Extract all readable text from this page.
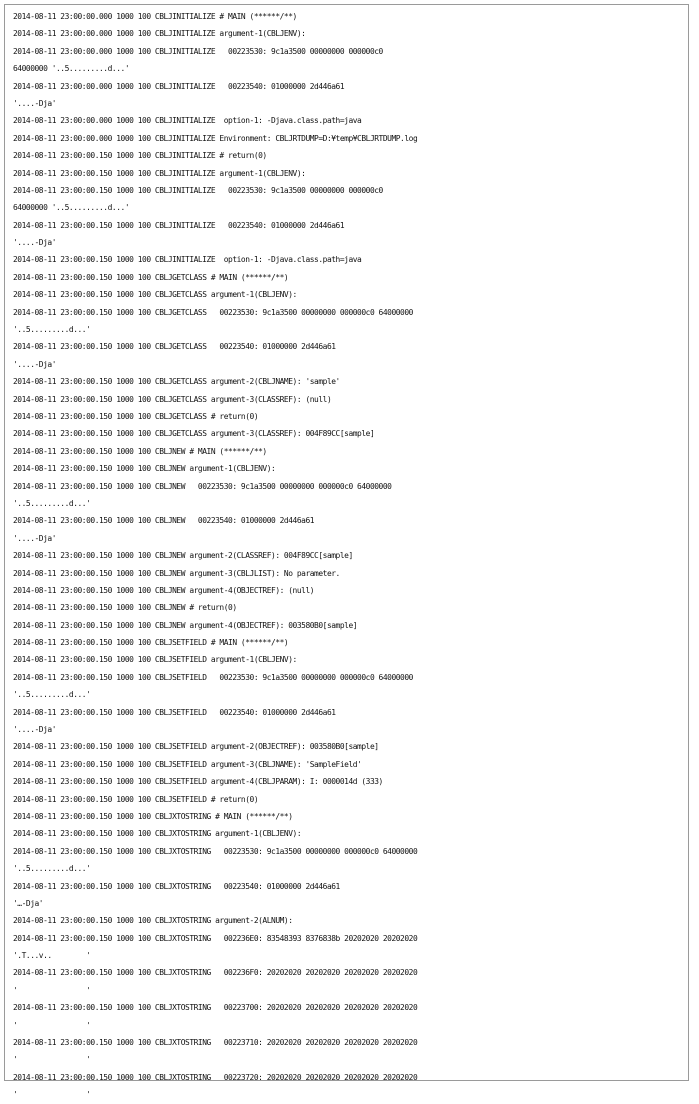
2014-08-11 23:00:00.000 1000 100 CBLJINITIALIZE # MAIN (******/**)
2014-08-11 23:00:00.000 1000 100 CBLJINITIALIZE argument-1(CBLJENV):
2014-08-11 23:00:00.000 1000 100 CBLJINITIALIZE   00223530: 9c1a3500 00000000 000000c0
64000000 '..5.........d...'
2014-08-11 23:00:00.000 1000 100 CBLJINITIALIZE   00223540: 01000000 2d446a61
'....-Dja'
2014-08-11 23:00:00.000 1000 100 CBLJINITIALIZE  option-1: -Djava.class.path=java
2014-08-11 23:00:00.000 1000 100 CBLJINITIALIZE Environment: CBLJRTDUMP=D:¥temp¥CBLJRTDUMP.log
2014-08-11 23:00:00.150 1000 100 CBLJINITIALIZE # return(0)
2014-08-11 23:00:00.150 1000 100 CBLJINITIALIZE argument-1(CBLJENV):
2014-08-11 23:00:00.150 1000 100 CBLJINITIALIZE   00223530: 9c1a3500 00000000 000000c0
64000000 '..5.........d...'
2014-08-11 23:00:00.150 1000 100 CBLJINITIALIZE   00223540: 01000000 2d446a61
'....-Dja'
2014-08-11 23:00:00.150 1000 100 CBLJINITIALIZE  option-1: -Djava.class.path=java
2014-08-11 23:00:00.150 1000 100 CBLJGETCLASS # MAIN (******/**)
2014-08-11 23:00:00.150 1000 100 CBLJGETCLASS argument-1(CBLJENV):
2014-08-11 23:00:00.150 1000 100 CBLJGETCLASS   00223530: 9c1a3500 00000000 000000c0 64000000
'..5.........d...'
2014-08-11 23:00:00.150 1000 100 CBLJGETCLASS   00223540: 01000000 2d446a61
'....-Dja'
2014-08-11 23:00:00.150 1000 100 CBLJGETCLASS argument-2(CBLJNAME): 'sample'
2014-08-11 23:00:00.150 1000 100 CBLJGETCLASS argument-3(CLASSREF): (null)
2014-08-11 23:00:00.150 1000 100 CBLJGETCLASS # return(0)
2014-08-11 23:00:00.150 1000 100 CBLJGETCLASS argument-3(CLASSREF): 004F89CC[sample]
2014-08-11 23:00:00.150 1000 100 CBLJNEW # MAIN (******/**)
2014-08-11 23:00:00.150 1000 100 CBLJNEW argument-1(CBLJENV):
2014-08-11 23:00:00.150 1000 100 CBLJNEW   00223530: 9c1a3500 00000000 000000c0 64000000
'..5.........d...'
2014-08-11 23:00:00.150 1000 100 CBLJNEW   00223540: 01000000 2d446a61
'....-Dja'
2014-08-11 23:00:00.150 1000 100 CBLJNEW argument-2(CLASSREF): 004F89CC[sample]
2014-08-11 23:00:00.150 1000 100 CBLJNEW argument-3(CBLJLIST): No parameter.
2014-08-11 23:00:00.150 1000 100 CBLJNEW argument-4(OBJECTREF): (null)
2014-08-11 23:00:00.150 1000 100 CBLJNEW # return(0)
2014-08-11 23:00:00.150 1000 100 CBLJNEW argument-4(OBJECTREF): 003580B0[sample]
2014-08-11 23:00:00.150 1000 100 CBLJSETFIELD # MAIN (******/**)
2014-08-11 23:00:00.150 1000 100 CBLJSETFIELD argument-1(CBLJENV):
2014-08-11 23:00:00.150 1000 100 CBLJSETFIELD   00223530: 9c1a3500 00000000 000000c0 64000000
'..5.........d...'
2014-08-11 23:00:00.150 1000 100 CBLJSETFIELD   00223540: 01000000 2d446a61
'....-Dja'
2014-08-11 23:00:00.150 1000 100 CBLJSETFIELD argument-2(OBJECTREF): 003580B0[sample]
2014-08-11 23:00:00.150 1000 100 CBLJSETFIELD argument-3(CBLJNAME): 'SampleField'
2014-08-11 23:00:00.150 1000 100 CBLJSETFIELD argument-4(CBLJPARAM): I: 0000014d (333)
2014-08-11 23:00:00.150 1000 100 CBLJSETFIELD # return(0)
2014-08-11 23:00:00.150 1000 100 CBLJXTOSTRING # MAIN (******/**)
2014-08-11 23:00:00.150 1000 100 CBLJXTOSTRING argument-1(CBLJENV):
2014-08-11 23:00:00.150 1000 100 CBLJXTOSTRING   00223530: 9c1a3500 00000000 000000c0 64000000
'..5.........d...'
2014-08-11 23:00:00.150 1000 100 CBLJXTOSTRING   00223540: 01000000 2d446a61
'…-Dja'
2014-08-11 23:00:00.150 1000 100 CBLJXTOSTRING argument-2(ALNUM):
2014-08-11 23:00:00.150 1000 100 CBLJXTOSTRING   002236E0: 83548393 8376838b 20202020 20202020
'.T...v..        '
2014-08-11 23:00:00.150 1000 100 CBLJXTOSTRING   002236F0: 20202020 20202020 20202020 20202020
'                '
2014-08-11 23:00:00.150 1000 100 CBLJXTOSTRING   00223700: 20202020 20202020 20202020 20202020
'                '
2014-08-11 23:00:00.150 1000 100 CBLJXTOSTRING   00223710: 20202020 20202020 20202020 20202020
'                '
2014-08-11 23:00:00.150 1000 100 CBLJXTOSTRING   00223720: 20202020 20202020 20202020 20202020
'                '
